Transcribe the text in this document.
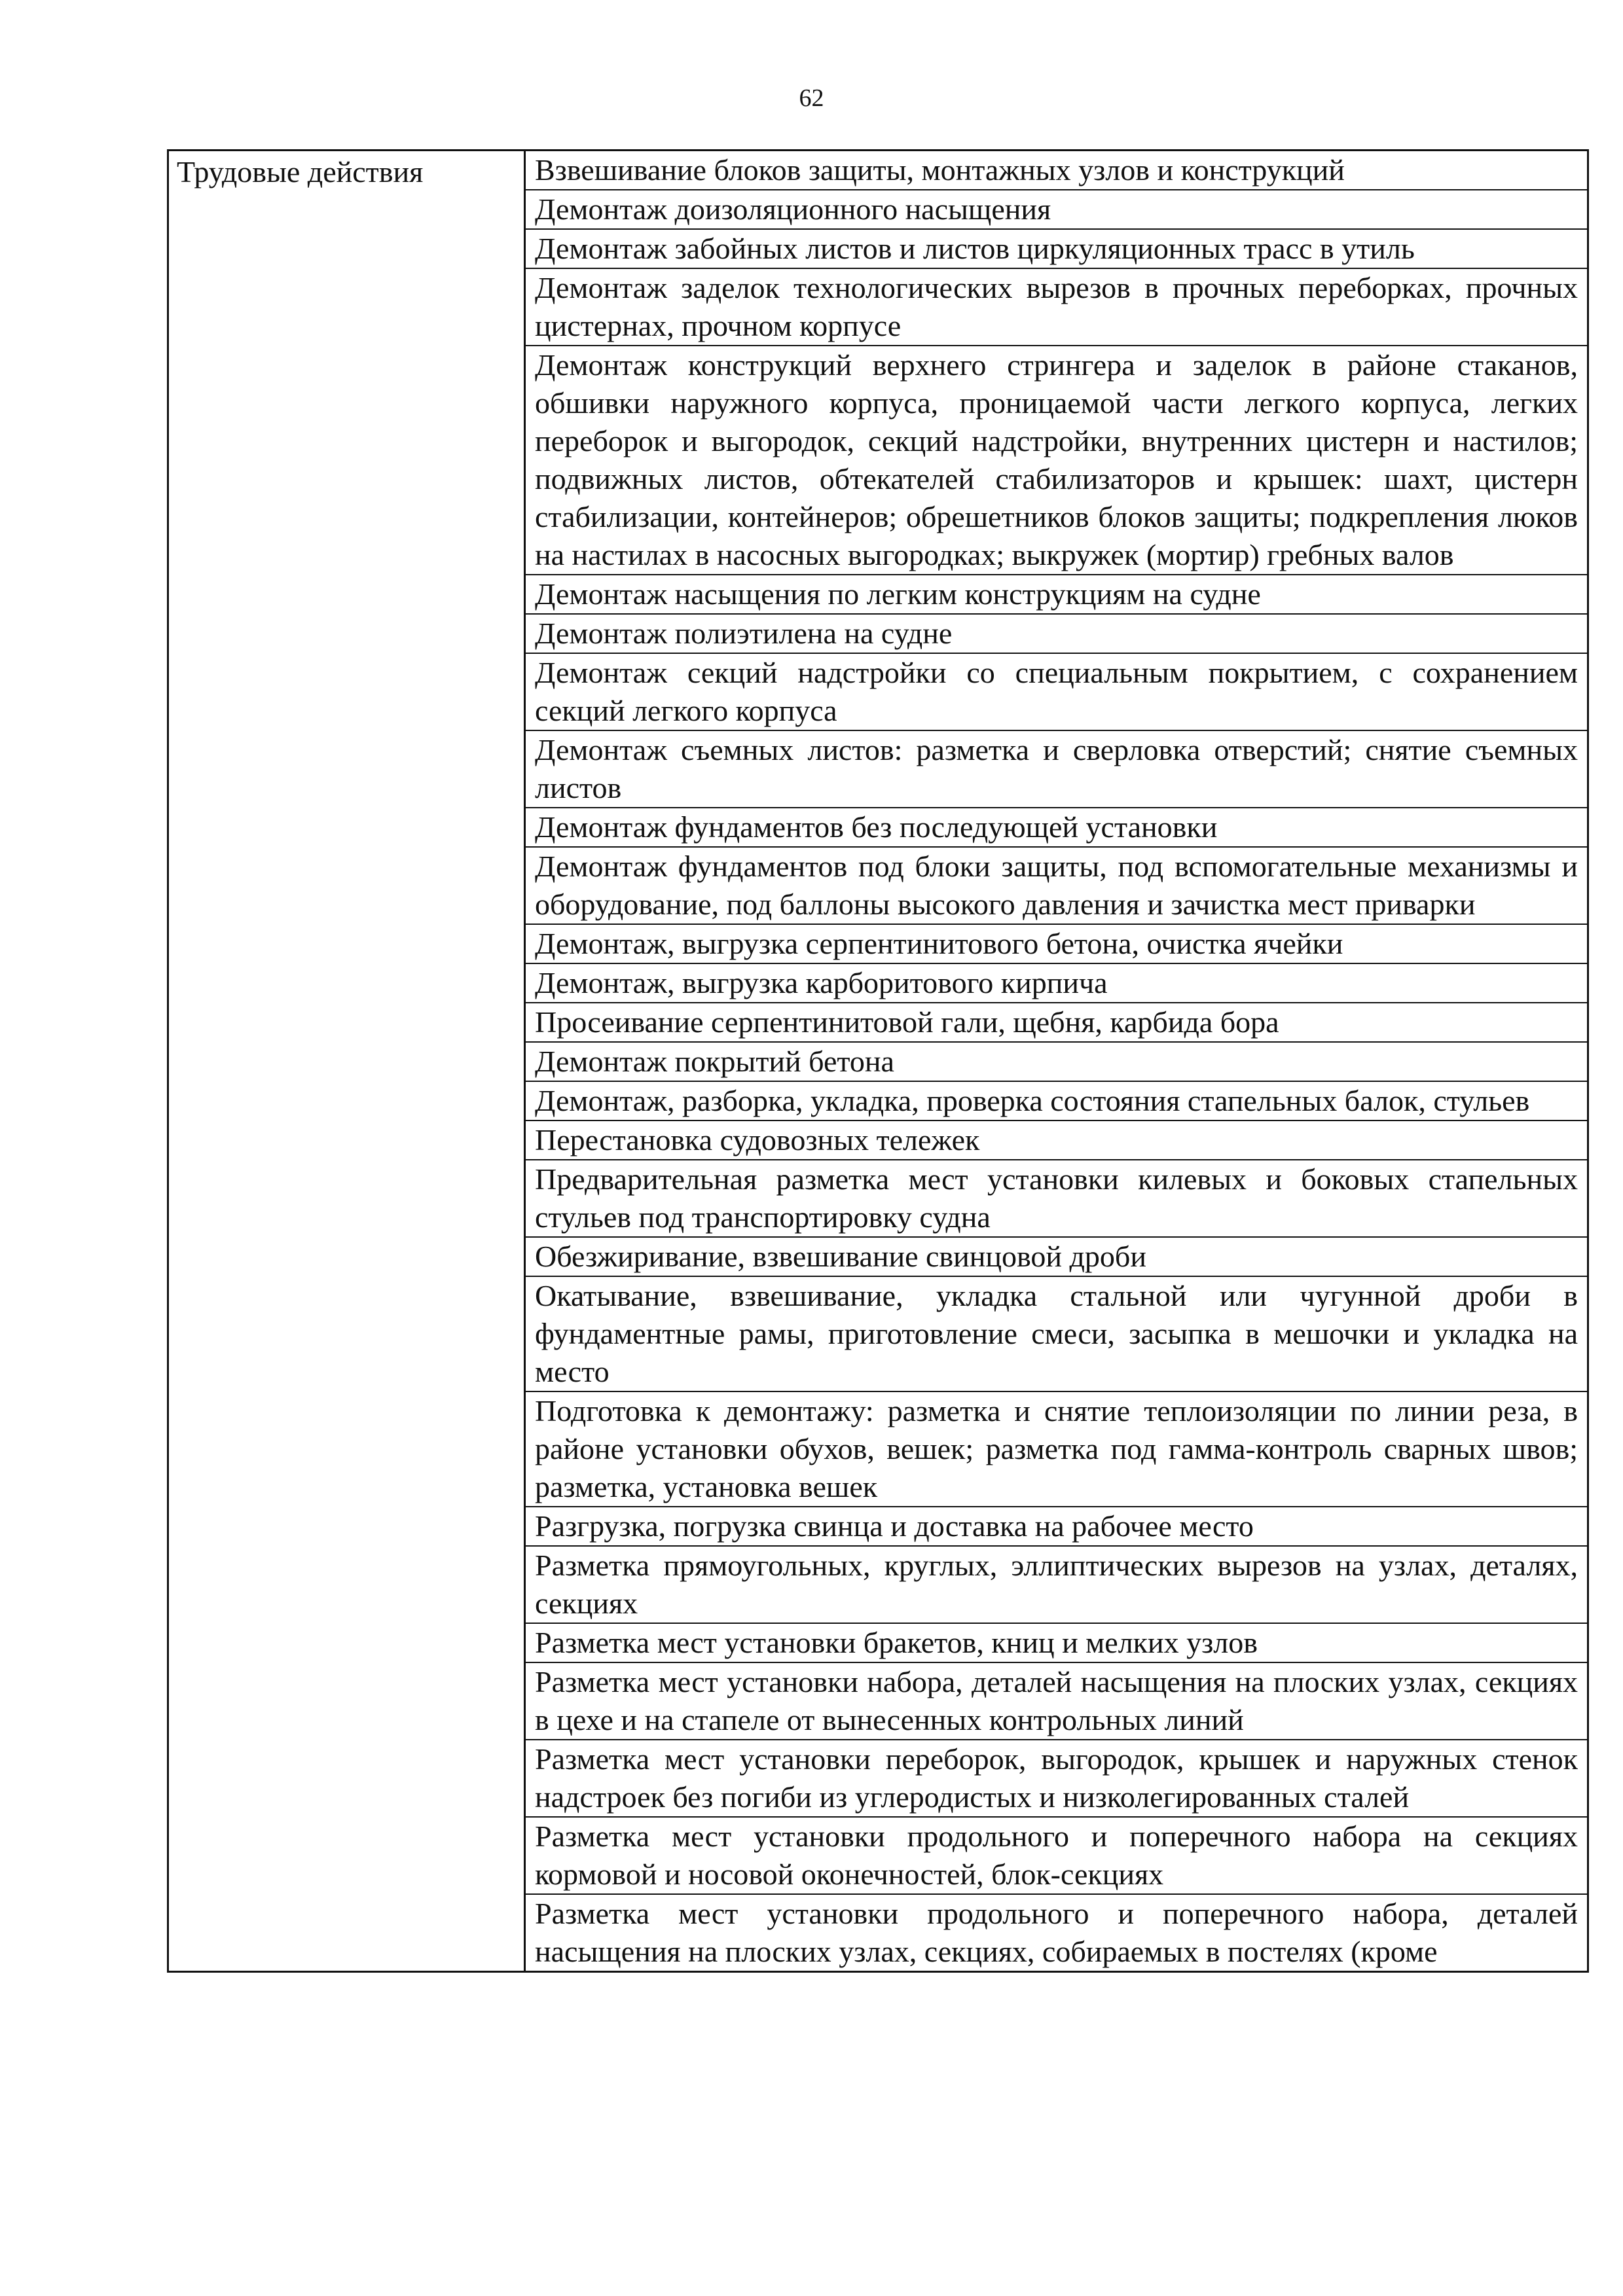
62
Трудовые действия	Взвешивание блоков защиты, монтажных узлов и конструкций
Демонтаж доизоляционного насыщения
Демонтаж забойных листов и листов циркуляционных трасс в утиль
Демонтаж заделок технологических вырезов в прочных переборках, прочных цистернах, прочном корпусе
Демонтаж конструкций верхнего стрингера и заделок в районе стаканов, обшивки наружного корпуса, проницаемой части легкого корпуса, легких переборок и выгородок, секций надстройки, внутренних цистерн и настилов; подвижных листов, обтекателей стабилизаторов и крышек: шахт, цистерн стабилизации, контейнеров; обрешетников блоков защиты; подкрепления люков на настилах в насосных выгородках; выкружек (мортир) гребных валов
Демонтаж насыщения по легким конструкциям на судне
Демонтаж полиэтилена на судне
Демонтаж секций надстройки со специальным покрытием, с сохранением секций легкого корпуса
Демонтаж съемных листов: разметка и сверловка отверстий; снятие съемных листов
Демонтаж фундаментов без последующей установки
Демонтаж фундаментов под блоки защиты, под вспомогательные механизмы и оборудование, под баллоны высокого давления и зачистка мест приварки
Демонтаж, выгрузка серпентинитового бетона, очистка ячейки
Демонтаж, выгрузка карборитового кирпича
Просеивание серпентинитовой гали, щебня, карбида бора
Демонтаж покрытий бетона
Демонтаж, разборка, укладка, проверка состояния стапельных балок, стульев
Перестановка судовозных тележек
Предварительная разметка мест установки килевых и боковых стапельных стульев под транспортировку судна
Обезжиривание, взвешивание свинцовой дроби
Окатывание, взвешивание, укладка стальной или чугунной дроби в фундаментные рамы, приготовление смеси, засыпка в мешочки и укладка на место
Подготовка к демонтажу: разметка и снятие теплоизоляции по линии реза, в районе установки обухов, вешек; разметка под гамма-контроль сварных швов; разметка, установка вешек
Разгрузка, погрузка свинца и доставка на рабочее место
Разметка прямоугольных, круглых, эллиптических вырезов на узлах, деталях, секциях
Разметка мест установки бракетов, книц и мелких узлов
Разметка мест установки набора, деталей насыщения на плоских узлах, секциях в цехе и на стапеле от вынесенных контрольных линий
Разметка мест установки переборок, выгородок, крышек и наружных стенок надстроек без погиби из углеродистых и низколегированных сталей
Разметка мест установки продольного и поперечного набора на секциях кормовой и носовой оконечностей, блок-секциях
Разметка мест установки продольного и поперечного набора, деталей насыщения на плоских узлах, секциях, собираемых в постелях (кроме
